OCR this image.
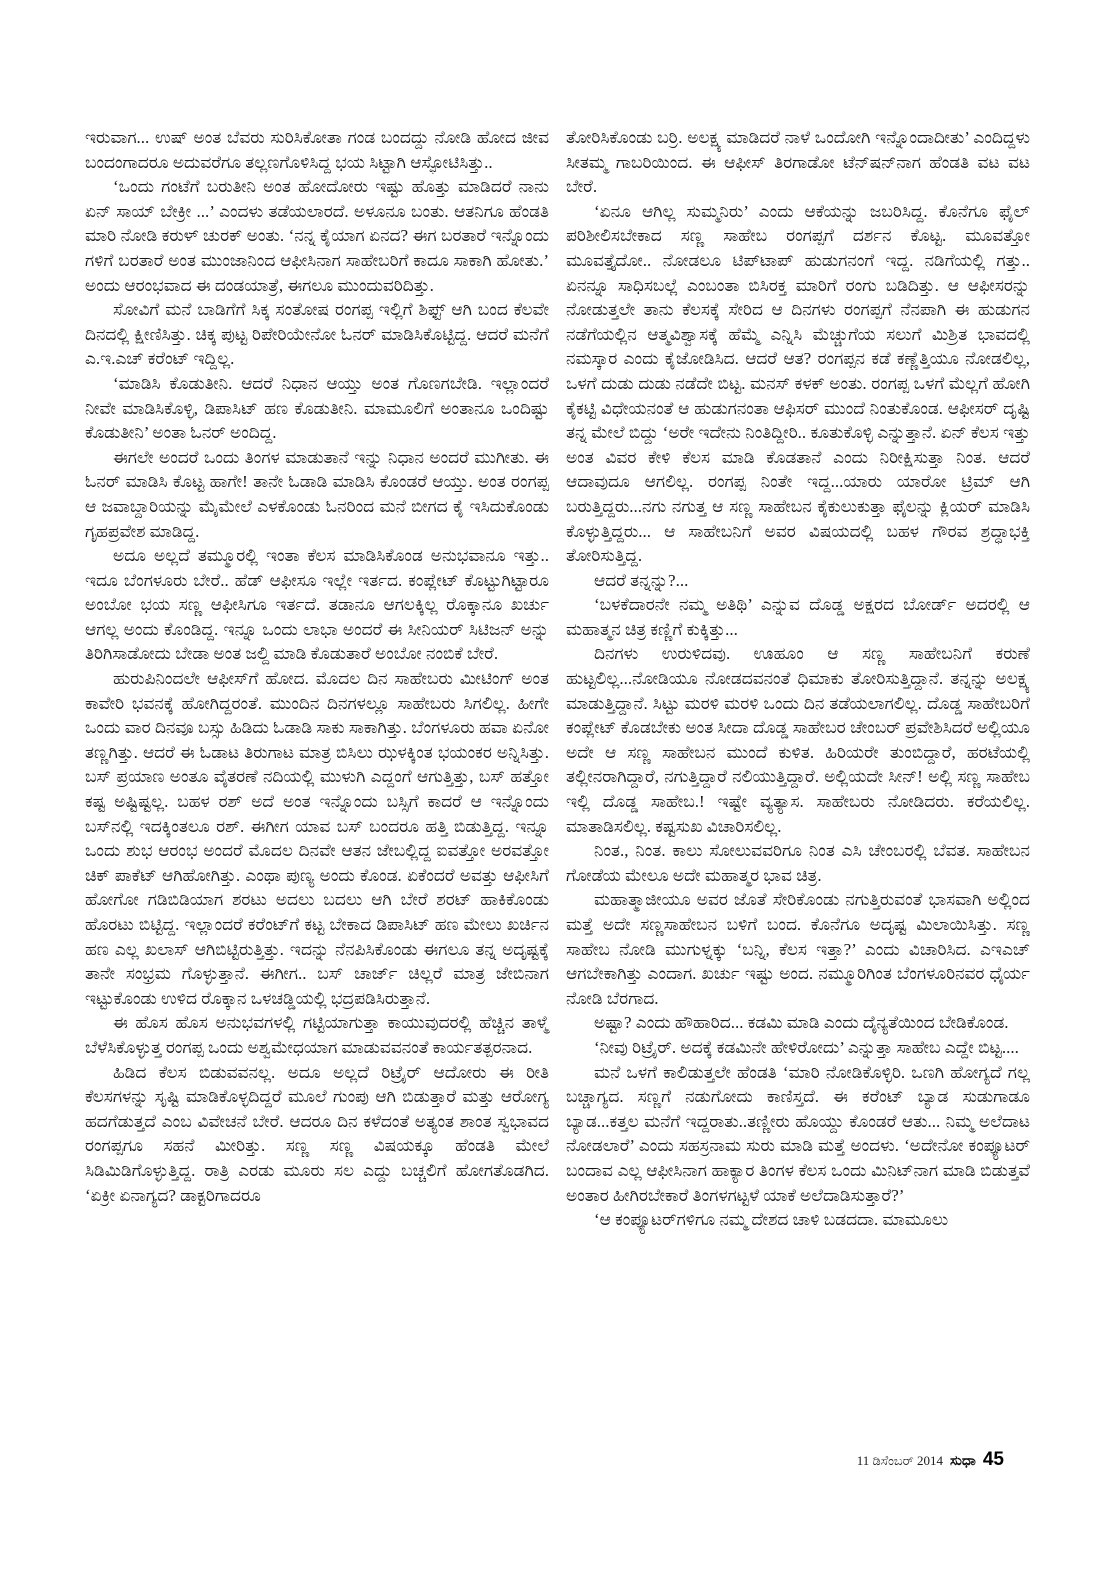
ಇರುವಾಗ... ಉಷ್ ಅಂತ ಬೆವರು ಸುರಿಸಿಕೋತಾ ಗಂಡ ಬಂದದ್ದು ನೋಡಿ ಹೋದ ಜೀವ ಬಂದಂಗಾದರೂ ಅದುವರೆಗೂ ತಲ್ಲಣಗೊಳಿಸಿದ್ದ ಭಯ ಸಿಟ್ಟಾಗಿ ಆಸ್ಫೋಟಿಸಿತ್ತು..

‘ಒಂದು ಗಂಟೆಗೆ ಬರುತೀನಿ ಅಂತ ಹೋದೋರು ಇಷ್ಟು ಹೊತ್ತು ಮಾಡಿದರೆ ನಾನು ಏನ್ ಸಾಯ್ ಬೇಕ್ರೀ ...’ ಎಂದಳು ತಡೆಯಲಾರದೆ. ಅಳೂನೂ ಬಂತು. ಆತನಿಗೂ ಹೆಂಡತಿ ಮಾರಿ ನೋಡಿ ಕರುಳ್ ಚುರಕ್ ಅಂತು. ‘ನನ್ನ ಕೈಯಾಗ ಏನದ? ಈಗ ಬರತಾರೆ ಇನ್ನೊಂದು ಗಳಿಗೆ ಬರತಾರೆ ಅಂತ ಮುಂಜಾನಿಂದ ಆಫೀಸಿನಾಗ ಸಾಹೇಬರಿಗೆ ಕಾದೂ ಸಾಕಾಗಿ ಹೋತು.’ ಅಂದು ಆರಂಭವಾದ ಈ ದಂಡಯಾತ್ರೆ, ಈಗಲೂ ಮುಂದುವರಿದಿತ್ತು.

ಸೋವಿಗೆ ಮನೆ ಬಾಡಿಗೆಗೆ ಸಿಕ್ಕ ಸಂತೋಷ ರಂಗಪ್ಪ ಇಲ್ಲಿಗೆ ಶಿಫ್ಟ್ ಆಗಿ ಬಂದ ಕೆಲವೇ ದಿನದಲ್ಲಿ ಕ್ಷೀಣಿಸಿತ್ತು. ಚಿಕ್ಕ ಪುಟ್ಟ ರಿಪೇರಿಯೇನೋ ಓನರ್ ಮಾಡಿಸಿಕೊಟ್ಟಿದ್ದ. ಆದರೆ ಮನೆಗೆ ಎ.ಇ.ಎಚ್ ಕರೆಂಟ್ ಇದ್ದಿಲ್ಲ.

‘ಮಾಡಿಸಿ ಕೊಡುತೀನಿ. ಆದರೆ ನಿಧಾನ ಆಯ್ತು ಅಂತ ಗೊಣಗಬೇಡಿ. ಇಲ್ಲಾಂದರೆ ನೀವೇ ಮಾಡಿಸಿಕೊಳ್ಳಿ, ಡಿಪಾಸಿಟ್ ಹಣ ಕೊಡುತೀನಿ. ಮಾಮೂಲಿಗೆ ಅಂತಾನೂ ಒಂದಿಷ್ಟು ಕೊಡುತೀನಿ’ ಅಂತಾ ಓನರ್ ಅಂದಿದ್ದ.

ಈಗಲೇ ಅಂದರೆ ಒಂದು ತಿಂಗಳ ಮಾಡುತಾನೆ ಇನ್ನು ನಿಧಾನ ಅಂದರೆ ಮುಗೀತು. ಈ ಓನರ್ ಮಾಡಿಸಿ ಕೊಟ್ಟ ಹಾಗೇ! ತಾನೇ ಓಡಾಡಿ ಮಾಡಿಸಿ ಕೊಂಡರೆ ಆಯ್ತು. ಅಂತ ರಂಗಪ್ಪ ಆ ಜವಾಬ್ದಾರಿಯನ್ನು ಮೈಮೇಲೆ ಎಳಕೊಂಡು ಓನರಿಂದ ಮನೆ ಬೀಗದ ಕೈ ಇಸಿದುಕೊಂಡು ಗೃಹಪ್ರವೇಶ ಮಾಡಿದ್ದ.

ಅದೂ ಅಲ್ಲದೆ ತಮ್ಮೂರಲ್ಲಿ ಇಂತಾ ಕೆಲಸ ಮಾಡಿಸಿಕೊಂಡ ಅನುಭವಾನೂ ಇತ್ತು.. ಇದೂ ಬೆಂಗಳೂರು ಬೇರೆ.. ಹೆಡ್ ಆಫೀಸೂ ಇಲ್ಲೇ ಇರ್ತದ. ಕಂಪ್ಲೇಟ್ ಕೊಟ್ಟುಗಿಟ್ಟಾರೂ ಅಂಬೋ ಭಯ ಸಣ್ಣ ಆಫೀಸಿಗೂ ಇರ್ತದೆ. ತಡಾನೂ ಆಗಲಕ್ಕಿಲ್ಲ ರೊಕ್ಕಾನೂ ಖರ್ಚು ಆಗಲ್ಲ ಅಂದು ಕೊಂಡಿದ್ದ. ಇನ್ನೂ ಒಂದು ಲಾಭಾ ಅಂದರೆ ಈ ಸೀನಿಯರ್ ಸಿಟಿಜನ್ ಅನ್ನು ತಿರಿಗಿಸಾಡೋದು ಬೇಡಾ ಅಂತ ಜಲ್ದಿ ಮಾಡಿ ಕೊಡುತಾರೆ ಅಂಬೋ ನಂಬಿಕೆ ಬೇರೆ.

ಹುರುಪಿನಿಂದಲೇ ಆಫೀಸ್‌ಗೆ ಹೋದ. ಮೊದಲ ದಿನ ಸಾಹೇಬರು ಮೀಟಿಂಗ್ ಅಂತ ಕಾವೇರಿ ಭವನಕ್ಕೆ ಹೋಗಿದ್ದರಂತೆ. ಮುಂದಿನ ದಿನಗಳಲ್ಲೂ ಸಾಹೇಬರು ಸಿಗಲಿಲ್ಲ. ಹೀಗೇ ಒಂದು ವಾರ ದಿನವೂ ಬಸ್ಸು ಹಿಡಿದು ಓಡಾಡಿ ಸಾಕು ಸಾಕಾಗಿತ್ತು. ಬೆಂಗಳೂರು ಹವಾ ಏನೋ ತಣ್ಣಗಿತ್ತು. ಆದರೆ ಈ ಓಡಾಟ ತಿರುಗಾಟ ಮಾತ್ರ ಬಿಸಿಲು ಝಳಕ್ಕಿಂತ ಭಯಂಕರ ಅನ್ನಿಸಿತ್ತು. ಬಸ್ ಪ್ರಯಾಣ ಅಂತೂ ವೈತರಣೆ ನದಿಯಲ್ಲಿ ಮುಳುಗಿ ಎದ್ದಂಗೆ ಆಗುತ್ತಿತ್ತು, ಬಸ್ ಹತ್ತೋ ಕಷ್ಟ ಅಷ್ಟಿಷ್ಟಲ್ಲ. ಬಹಳ ರಶ್ ಅದೆ ಅಂತ ಇನ್ನೊಂದು ಬಸ್ಸಿಗೆ ಕಾದರೆ ಆ ಇನ್ನೊಂದು ಬಸ್‌ನಲ್ಲಿ ಇದಕ್ಕಿಂತಲೂ ರಶ್. ಈಗೀಗ ಯಾವ ಬಸ್ ಬಂದರೂ ಹತ್ತಿ ಬಿಡುತ್ತಿದ್ದ. ಇನ್ನೂ ಒಂದು ಶುಭ ಆರಂಭ ಅಂದರೆ ಮೊದಲ ದಿನವೇ ಆತನ ಜೇಬಲ್ಲಿದ್ದ ಐವತ್ತೋ ಅರವತ್ತೋ ಚಿಕ್ ಪಾಕೆಟ್ ಆಗಿಹೋಗಿತ್ತು. ಎಂಥಾ ಪುಣ್ಯ ಅಂದು ಕೊಂಡ. ಏಕೆಂದರೆ ಅವತ್ತು ಆಫೀಸಿಗೆ ಹೋಗೋ ಗಡಿಬಿಡಿಯಾಗ ಶರಟು ಅದಲು ಬದಲು ಆಗಿ ಬೇರೆ ಶರಟ್ ಹಾಕಿಕೊಂಡು ಹೊರಟು ಬಿಟ್ಟಿದ್ದ. ಇಲ್ಲಾಂದರೆ ಕರೆಂಟ್‌ಗೆ ಕಟ್ಟ ಬೇಕಾದ ಡಿಪಾಸಿಟ್ ಹಣ ಮೇಲು ಖರ್ಚಿನ ಹಣ ಎಲ್ಲ ಖಲಾಸ್ ಆಗಿಬಿಟ್ಟಿರುತ್ತಿತ್ತು. ಇದನ್ನು ನೆನಪಿಸಿಕೊಂಡು ಈಗಲೂ ತನ್ನ ಅದೃಷ್ಟಕ್ಕೆ ತಾನೇ ಸಂಭ್ರಮ ಗೊಳ್ಳುತ್ತಾನೆ. ಈಗೀಗ.. ಬಸ್ ಚಾರ್ಜ್ ಚಿಲ್ಲರೆ ಮಾತ್ರ ಜೇಬಿನಾಗ ಇಟ್ಟುಕೊಂಡು ಉಳಿದ ರೊಕ್ಕಾನ ಒಳಚಡ್ಡಿಯಲ್ಲಿ ಭದ್ರಪಡಿಸಿರುತ್ತಾನೆ.

ಈ ಹೊಸ ಹೊಸ ಅನುಭವಗಳಲ್ಲಿ ಗಟ್ಟಿಯಾಗುತ್ತಾ ಕಾಯುವುದರಲ್ಲಿ ಹೆಚ್ಚಿನ ತಾಳ್ಮೆ ಬೆಳೆಸಿಕೊಳ್ಳುತ್ತ ರಂಗಪ್ಪ ಒಂದು ಅಶ್ವಮೇಧಯಾಗ ಮಾಡುವವನಂತೆ ಕಾರ್ಯತತ್ಪರನಾದ.

ಹಿಡಿದ ಕೆಲಸ ಬಿಡುವವನಲ್ಲ. ಅದೂ ಅಲ್ಲದೆ ರಿಟ್ರೈರ್ ಆದೋರು ಈ ರೀತಿ ಕೆಲಸಗಳನ್ನು ಸೃಷ್ಟಿ ಮಾಡಿಕೊಳ್ಳದಿದ್ದರೆ ಮೂಲೆ ಗುಂಪು ಆಗಿ ಬಿಡುತ್ತಾರೆ ಮತ್ತು ಆರೋಗ್ಯ ಹದಗೆಡುತ್ತದೆ ಎಂಬ ವಿವೇಚನೆ ಬೇರೆ. ಆದರೂ ದಿನ ಕಳೆದಂತೆ ಅತ್ಯಂತ ಶಾಂತ ಸ್ವಭಾವದ ರಂಗಪ್ಪಗೂ ಸಹನೆ ಮೀರಿತ್ತು. ಸಣ್ಣ ಸಣ್ಣ ವಿಷಯಕ್ಕೂ ಹೆಂಡತಿ ಮೇಲೆ ಸಿಡಿಮಿಡಿಗೊಳ್ಳುತ್ತಿದ್ದ. ರಾತ್ರಿ ಎರಡು ಮೂರು ಸಲ ಎದ್ದು ಬಚ್ಚಲಿಗೆ ಹೋಗತೊಡಗಿದ. ‘ಏಕ್ರೀ ಏನಾಗ್ಯದ? ಡಾಕ್ಟರಿಗಾದರೂ

ತೋರಿಸಿಕೊಂಡು ಬರ್ರಿ. ಅಲಕ್ಷ್ಯ ಮಾಡಿದರೆ ನಾಳೆ ಒಂದೋಗಿ ಇನ್ನೊಂದಾದೀತು’ ಎಂದಿದ್ದಳು ಸೀತಮ್ಮ ಗಾಬರಿಯಿಂದ. ಈ ಆಫೀಸ್ ತಿರಗಾಡೋ ಟೆನ್‌ಷನ್‌ನಾಗ ಹೆಂಡತಿ ವಟ ವಟ ಬೇರೆ.

‘ಏನೂ ಆಗಿಲ್ಲ ಸುಮ್ಮನಿರು’ ಎಂದು ಆಕೆಯನ್ನು ಜಬರಿಸಿದ್ದ. ಕೊನೆಗೂ ಫೈಲ್ ಪರಿಶೀಲಿಸಬೇಕಾದ ಸಣ್ಣ ಸಾಹೇಬ ರಂಗಪ್ಪಗೆ ದರ್ಶನ ಕೊಟ್ಟ. ಮೂವತ್ತೋ ಮೂವತ್ತೈದೋ.. ನೋಡಲೂ ಟಿಪ್‌ಟಾಪ್ ಹುಡುಗನಂಗೆ ಇದ್ದ. ನಡಿಗೆಯಲ್ಲಿ ಗತ್ತು.. ಏನನ್ನೂ ಸಾಧಿಸಬಲ್ಲೆ ಎಂಬಂತಾ ಬಿಸಿರಕ್ತ ಮಾರಿಗೆ ರಂಗು ಬಡಿದಿತ್ತು. ಆ ಆಫೀಸರನ್ನು ನೋಡುತ್ತಲೇ ತಾನು ಕೆಲಸಕ್ಕೆ ಸೇರಿದ ಆ ದಿನಗಳು ರಂಗಪ್ಪಗೆ ನೆನಪಾಗಿ ಈ ಹುಡುಗನ ನಡೆಗೆಯಲ್ಲಿನ ಆತ್ಮವಿಶ್ವಾಸಕ್ಕೆ ಹೆಮ್ಮೆ ಎನ್ನಿಸಿ ಮೆಚ್ಚುಗೆಯ ಸಲುಗೆ ಮಿಶ್ರಿತ ಭಾವದಲ್ಲಿ ನಮಸ್ಕಾರ ಎಂದು ಕೈಜೋಡಿಸಿದ. ಆದರೆ ಆತ? ರಂಗಪ್ಪನ ಕಡೆ ಕಣ್ಣೆತ್ತಿಯೂ ನೋಡಲಿಲ್ಲ, ಒಳಗೆ ದುಡು ದುಡು ನಡೆದೇ ಬಿಟ್ಟ. ಮನಸ್ ಕಳಕ್ ಅಂತು. ರಂಗಪ್ಪ ಒಳಗೆ ಮೆಲ್ಲಗೆ ಹೋಗಿ ಕೈಕಟ್ಟಿ ವಿಧೇಯನಂತೆ ಆ ಹುಡುಗನಂತಾ ಆಫಿಸರ್ ಮುಂದೆ ನಿಂತುಕೊಂಡ. ಆಫೀಸರ್ ದೃಷ್ಟಿ ತನ್ನ ಮೇಲೆ ಬಿದ್ದು ‘ಅರೇ ಇದೇನು ನಿಂತಿದ್ದೀರಿ.. ಕೂತುಕೊಳ್ಳಿ ಎನ್ನುತ್ತಾನೆ. ಏನ್ ಕೆಲಸ ಇತ್ತು ಅಂತ ವಿವರ ಕೇಳಿ ಕೆಲಸ ಮಾಡಿ ಕೊಡತಾನೆ ಎಂದು ನಿರೀಕ್ಷಿಸುತ್ತಾ ನಿಂತ. ಆದರೆ ಆದಾವುದೂ ಆಗಲಿಲ್ಲ. ರಂಗಪ್ಪ ನಿಂತೇ ಇದ್ದ...ಯಾರು ಯಾರೋ ಟ್ರಿಮ್ ಆಗಿ ಬರುತ್ತಿದ್ದರು...ನಗು ನಗುತ್ತ ಆ ಸಣ್ಣ ಸಾಹೇಬನ ಕೈಕುಲುಕುತ್ತಾ ಫೈಲನ್ನು ಕ್ಲಿಯರ್ ಮಾಡಿಸಿ ಕೊಳ್ಳುತ್ತಿದ್ದರು... ಆ ಸಾಹೇಬನಿಗೆ ಅವರ ವಿಷಯದಲ್ಲಿ ಬಹಳ ಗೌರವ ಶ್ರದ್ಧಾಭಕ್ತಿ ತೋರಿಸುತ್ತಿದ್ದ.

ಆದರೆ ತನ್ನನ್ನು?...

‘ಬಳಕೆದಾರನೇ ನಮ್ಮ ಅತಿಥಿ’ ಎನ್ನುವ ದೊಡ್ಡ ಅಕ್ಷರದ ಬೋರ್ಡ್ ಅದರಲ್ಲಿ ಆ ಮಹಾತ್ಮನ ಚಿತ್ರ ಕಣ್ಣಿಗೆ ಕುಕ್ಕಿತ್ತು...

ದಿನಗಳು ಉರುಳಿದವು. ಊಹೂಂ ಆ ಸಣ್ಣ ಸಾಹೇಬನಿಗೆ ಕರುಣೆ ಹುಟ್ಟಲಿಲ್ಲ...ನೋಡಿಯೂ ನೋಡದವನಂತೆ ಧಿಮಾಕು ತೋರಿಸುತ್ತಿದ್ದಾನೆ. ತನ್ನನ್ನು ಅಲಕ್ಷ್ಯ ಮಾಡುತ್ತಿದ್ದಾನೆ. ಸಿಟ್ಟು ಮರಳಿ ಮರಳಿ ಒಂದು ದಿನ ತಡೆಯಲಾಗಲಿಲ್ಲ. ದೊಡ್ಡ ಸಾಹೇಬರಿಗೆ ಕಂಪ್ಲೇಟ್ ಕೊಡಬೇಕು ಅಂತ ಸೀದಾ ದೊಡ್ಡ ಸಾಹೇಬರ ಚೇಂಬರ್ ಪ್ರವೇಶಿಸಿದರೆ ಅಲ್ಲಿಯೂ ಅದೇ ಆ ಸಣ್ಣ ಸಾಹೇಬನ ಮುಂದೆ ಕುಳಿತ. ಹಿರಿಯರೇ ತುಂಬಿದ್ದಾರೆ, ಹರಟೆಯಲ್ಲಿ ತಲ್ಲೀನರಾಗಿದ್ದಾರೆ, ನಗುತ್ತಿದ್ದಾರೆ ನಲಿಯುತ್ತಿದ್ದಾರೆ. ಅಲ್ಲಿಯದೇ ಸೀನ್! ಅಲ್ಲಿ ಸಣ್ಣ ಸಾಹೇಬ ಇಲ್ಲಿ ದೊಡ್ಡ ಸಾಹೇಬ.! ಇಷ್ಟೇ ವ್ಯತ್ಯಾಸ. ಸಾಹೇಬರು ನೋಡಿದರು. ಕರೆಯಲಿಲ್ಲ. ಮಾತಾಡಿಸಲಿಲ್ಲ. ಕಷ್ಟಸುಖ ವಿಚಾರಿಸಲಿಲ್ಲ.

ನಿಂತ., ನಿಂತ. ಕಾಲು ಸೋಲುವವರಿಗೂ ನಿಂತ ಎಸಿ ಚೇಂಬರಲ್ಲಿ ಬೆವತ. ಸಾಹೇಬನ ಗೋಡೆಯ ಮೇಲೂ ಅದೇ ಮಹಾತ್ಮರ ಭಾವ ಚಿತ್ರ.

ಮಹಾತ್ಮಾಜೀಯೂ ಅವರ ಜೊತೆ ಸೇರಿಕೊಂಡು ನಗುತ್ತಿರುವಂತೆ ಭಾಸವಾಗಿ ಅಲ್ಲಿಂದ ಮತ್ತೆ ಅದೇ ಸಣ್ಣಸಾಹೇಬನ ಬಳಿಗೆ ಬಂದ. ಕೊನೆಗೂ ಅದೃಷ್ಟ ಮಿಲಾಯಿಸಿತ್ತು. ಸಣ್ಣ ಸಾಹೇಬ ನೋಡಿ ಮುಗುಳ್ನಕ್ಕು ‘ಬನ್ನಿ, ಕೆಲಸ ಇತ್ತಾ?’ ಎಂದು ವಿಚಾರಿಸಿದ. ಎಇಎಚ್ ಆಗಬೇಕಾಗಿತ್ತು ಎಂದಾಗ. ಖರ್ಚು ಇಷ್ಟು ಅಂದ. ನಮ್ಮೂರಿಗಿಂತ ಬೆಂಗಳೂರಿನವರ ಧೈರ್ಯ ನೋಡಿ ಬೆರಗಾದ.

ಅಷ್ಟಾ? ಎಂದು ಹೌಹಾರಿದ... ಕಡಮಿ ಮಾಡಿ ಎಂದು ದೈನ್ಯತೆಯಿಂದ ಬೇಡಿಕೊಂಡ.

‘ನೀವು ರಿಟ್ರೈರ್. ಅದಕ್ಕೆ ಕಡಮಿನೇ ಹೇಳಿರೋದು’ ಎನ್ನುತ್ತಾ ಸಾಹೇಬ ಎದ್ದೇ ಬಿಟ್ಟ....

ಮನೆ ಒಳಗೆ ಕಾಲಿಡುತ್ತಲೇ ಹೆಂಡತಿ ‘ಮಾರಿ ನೋಡಿಕೊಳ್ಳಿರಿ. ಒಣಗಿ ಹೋಗ್ಯದೆ ಗಲ್ಲ ಬಚ್ಚಾಗ್ಯದ. ಸಣ್ಣಗೆ ನಡುಗೋದು ಕಾಣಿಸ್ತದೆ. ಈ ಕರೆಂಟ್ ಬ್ಯಾಡ ಸುಡುಗಾಡೂ ಬ್ಯಾಡ...ಕತ್ತಲ ಮನೆಗೆ ಇದ್ದರಾತು..ತಣ್ಣೀರು ಹೊಯ್ದು ಕೊಂಡರೆ ಆತು... ನಿಮ್ಮ ಅಲೆದಾಟ ನೋಡಲಾರೆ’ ಎಂದು ಸಹಸ್ರನಾಮ ಸುರು ಮಾಡಿ ಮತ್ತೆ ಅಂದಳು. ‘ಅದೇನೋ ಕಂಪ್ಯೂಟರ್ ಬಂದಾವ ಎಲ್ಲ ಆಫೀಸಿನಾಗ ಹಾಕ್ಯಾರ ತಿಂಗಳ ಕೆಲಸ ಒಂದು ಮಿನಿಟ್‌ನಾಗ ಮಾಡಿ ಬಿಡುತ್ತವೆ ಅಂತಾರ ಹೀಗಿರಬೇಕಾರೆ ತಿಂಗಳಗಟ್ಟಳೆ ಯಾಕೆ ಅಲೆದಾಡಿಸುತ್ತಾರೆ?’

‘ಆ ಕಂಪ್ಯೂಟರ್‌ಗಳಿಗೂ ನಮ್ಮ ದೇಶದ ಚಾಳಿ ಬಡದದಾ. ಮಾಮೂಲು

11 ಡಿಸೆಂಬರ್ 2014 ಸುಧಾ 45
